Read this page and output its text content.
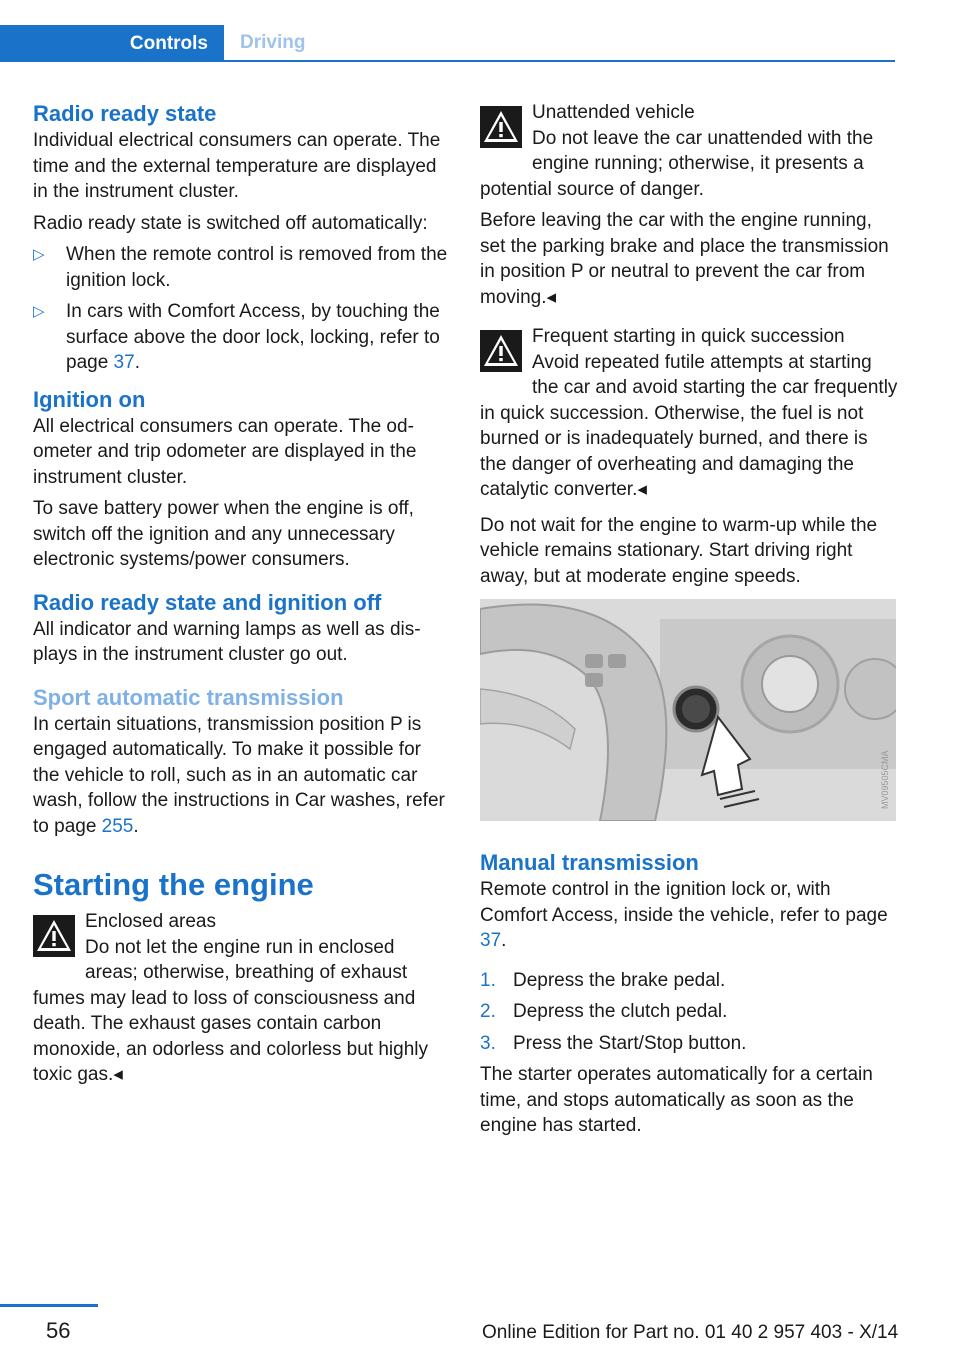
Controls	Driving
Radio ready state

Individual electrical consumers can operate. The time and the external temperature are displayed in the instrument cluster.

Radio ready state is switched off automatically:

▷ When the remote control is removed from the ignition lock.
▷ In cars with Comfort Access, by touching the surface above the door lock, locking, refer to page 37.
Ignition on

All electrical consumers can operate. The odometer and trip odometer are displayed in the instrument cluster.

To save battery power when the engine is off, switch off the ignition and any unnecessary electronic systems/power consumers.

Radio ready state and ignition off

All indicator and warning lamps as well as displays in the instrument cluster go out.

Sport automatic transmission

In certain situations, transmission position P is engaged automatically. To make it possible for the vehicle to roll, such as in an automatic car wash, follow the instructions in Car washes, refer to page 255.

Starting the engine
Enclosed areas
Do not let the engine run in enclosed areas; otherwise, breathing of exhaust fumes may lead to loss of consciousness and death. The exhaust gases contain carbon monoxide, an odorless and colorless but highly toxic gas.◂
Unattended vehicle
Do not leave the car unattended with the engine running; otherwise, it presents a potential source of danger.

Before leaving the car with the engine running, set the parking brake and place the transmission in position P or neutral to prevent the car from moving.◂

Frequent starting in quick succession
Avoid repeated futile attempts at starting the car and avoid starting the car frequently in quick succession. Otherwise, the fuel is not burned or is inadequately burned, and there is the danger of overheating and damaging the catalytic converter.◂

Do not wait for the engine to warm-up while the vehicle remains stationary. Start driving right away, but at moderate engine speeds.

MV09505CMA
Manual transmission

Remote control in the ignition lock or, with Comfort Access, inside the vehicle, refer to page 37.

1. Depress the brake pedal.
2. Depress the clutch pedal.
3. Press the Start/Stop button.

The starter operates automatically for a certain time, and stops automatically as soon as the engine has started.

56	Online Edition for Part no. 01 40 2 957 403 - X/14
